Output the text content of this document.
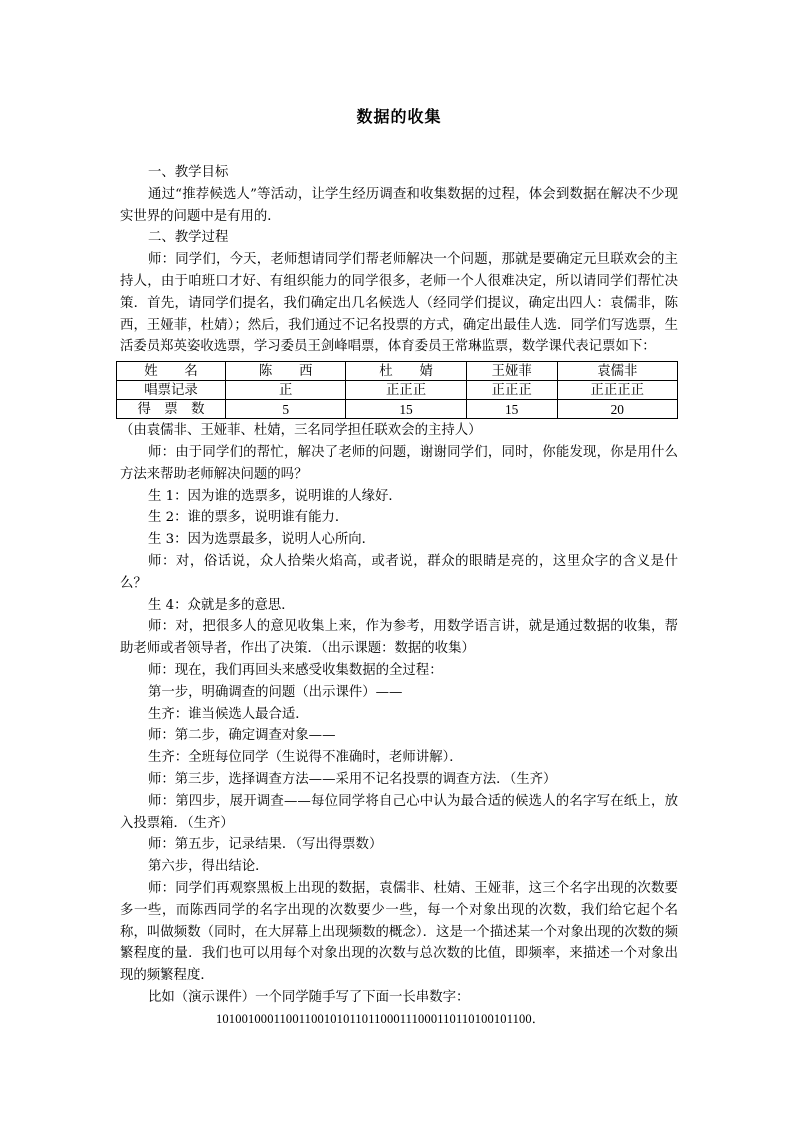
数据的收集

一、教学目标

通过“推荐候选人”等活动，让学生经历调查和收集数据的过程，体会到数据在解决不少现实世界的问题中是有用的．

二、教学过程

师：同学们，今天，老师想请同学们帮老师解决一个问题，那就是要确定元旦联欢会的主持人，由于咱班口才好、有组织能力的同学很多，老师一个人很难决定，所以请同学们帮忙决策．首先，请同学们提名，我们确定出几名候选人（经同学们提议，确定出四人：袁儒非，陈西，王娅菲，杜婧）；然后，我们通过不记名投票的方式，确定出最佳人选．同学们写选票，生活委员郑英姿收选票，学习委员王剑峰唱票，体育委员王常琳监票，数学课代表记票如下：

姓　　名	陈　　西	杜　　婧	王娅菲	袁儒非
唱票记录	正	正正正	正正正	正正正正
得　票　数	5	15	15	20

（由袁儒非、王娅菲、杜婧，三名同学担任联欢会的主持人）

师：由于同学们的帮忙，解决了老师的问题，谢谢同学们，同时，你能发现，你是用什么方法来帮助老师解决问题的吗？

生 1：因为谁的选票多，说明谁的人缘好．

生 2：谁的票多，说明谁有能力．

生 3：因为选票最多，说明人心所向．

师：对，俗话说，众人拾柴火焰高，或者说，群众的眼睛是亮的，这里众字的含义是什么？

生 4：众就是多的意思．

师：对，把很多人的意见收集上来，作为参考，用数学语言讲，就是通过数据的收集，帮助老师或者领导者，作出了决策．（出示课题：数据的收集）

师：现在，我们再回头来感受收集数据的全过程：

第一步，明确调查的问题（出示课件）——

生齐：谁当候选人最合适．

师：第二步，确定调查对象——

生齐：全班每位同学（生说得不准确时，老师讲解）．

师：第三步，选择调查方法——采用不记名投票的调查方法．（生齐）

师：第四步，展开调查——每位同学将自己心中认为最合适的候选人的名字写在纸上，放入投票箱．（生齐）

师：第五步，记录结果．（写出得票数）

第六步，得出结论．

师：同学们再观察黑板上出现的数据，袁儒非、杜婧、王娅菲，这三个名字出现的次数要多一些，而陈西同学的名字出现的次数要少一些，每一个对象出现的次数，我们给它起个名称，叫做频数（同时，在大屏幕上出现频数的概念）．这是一个描述某一个对象出现的次数的频繁程度的量．我们也可以用每个对象出现的次数与总次数的比值，即频率，来描述一个对象出现的频繁程度．

比如（演示课件）一个同学随手写了下面一长串数字：

10100100011001100101011011000111000110110100101100．
